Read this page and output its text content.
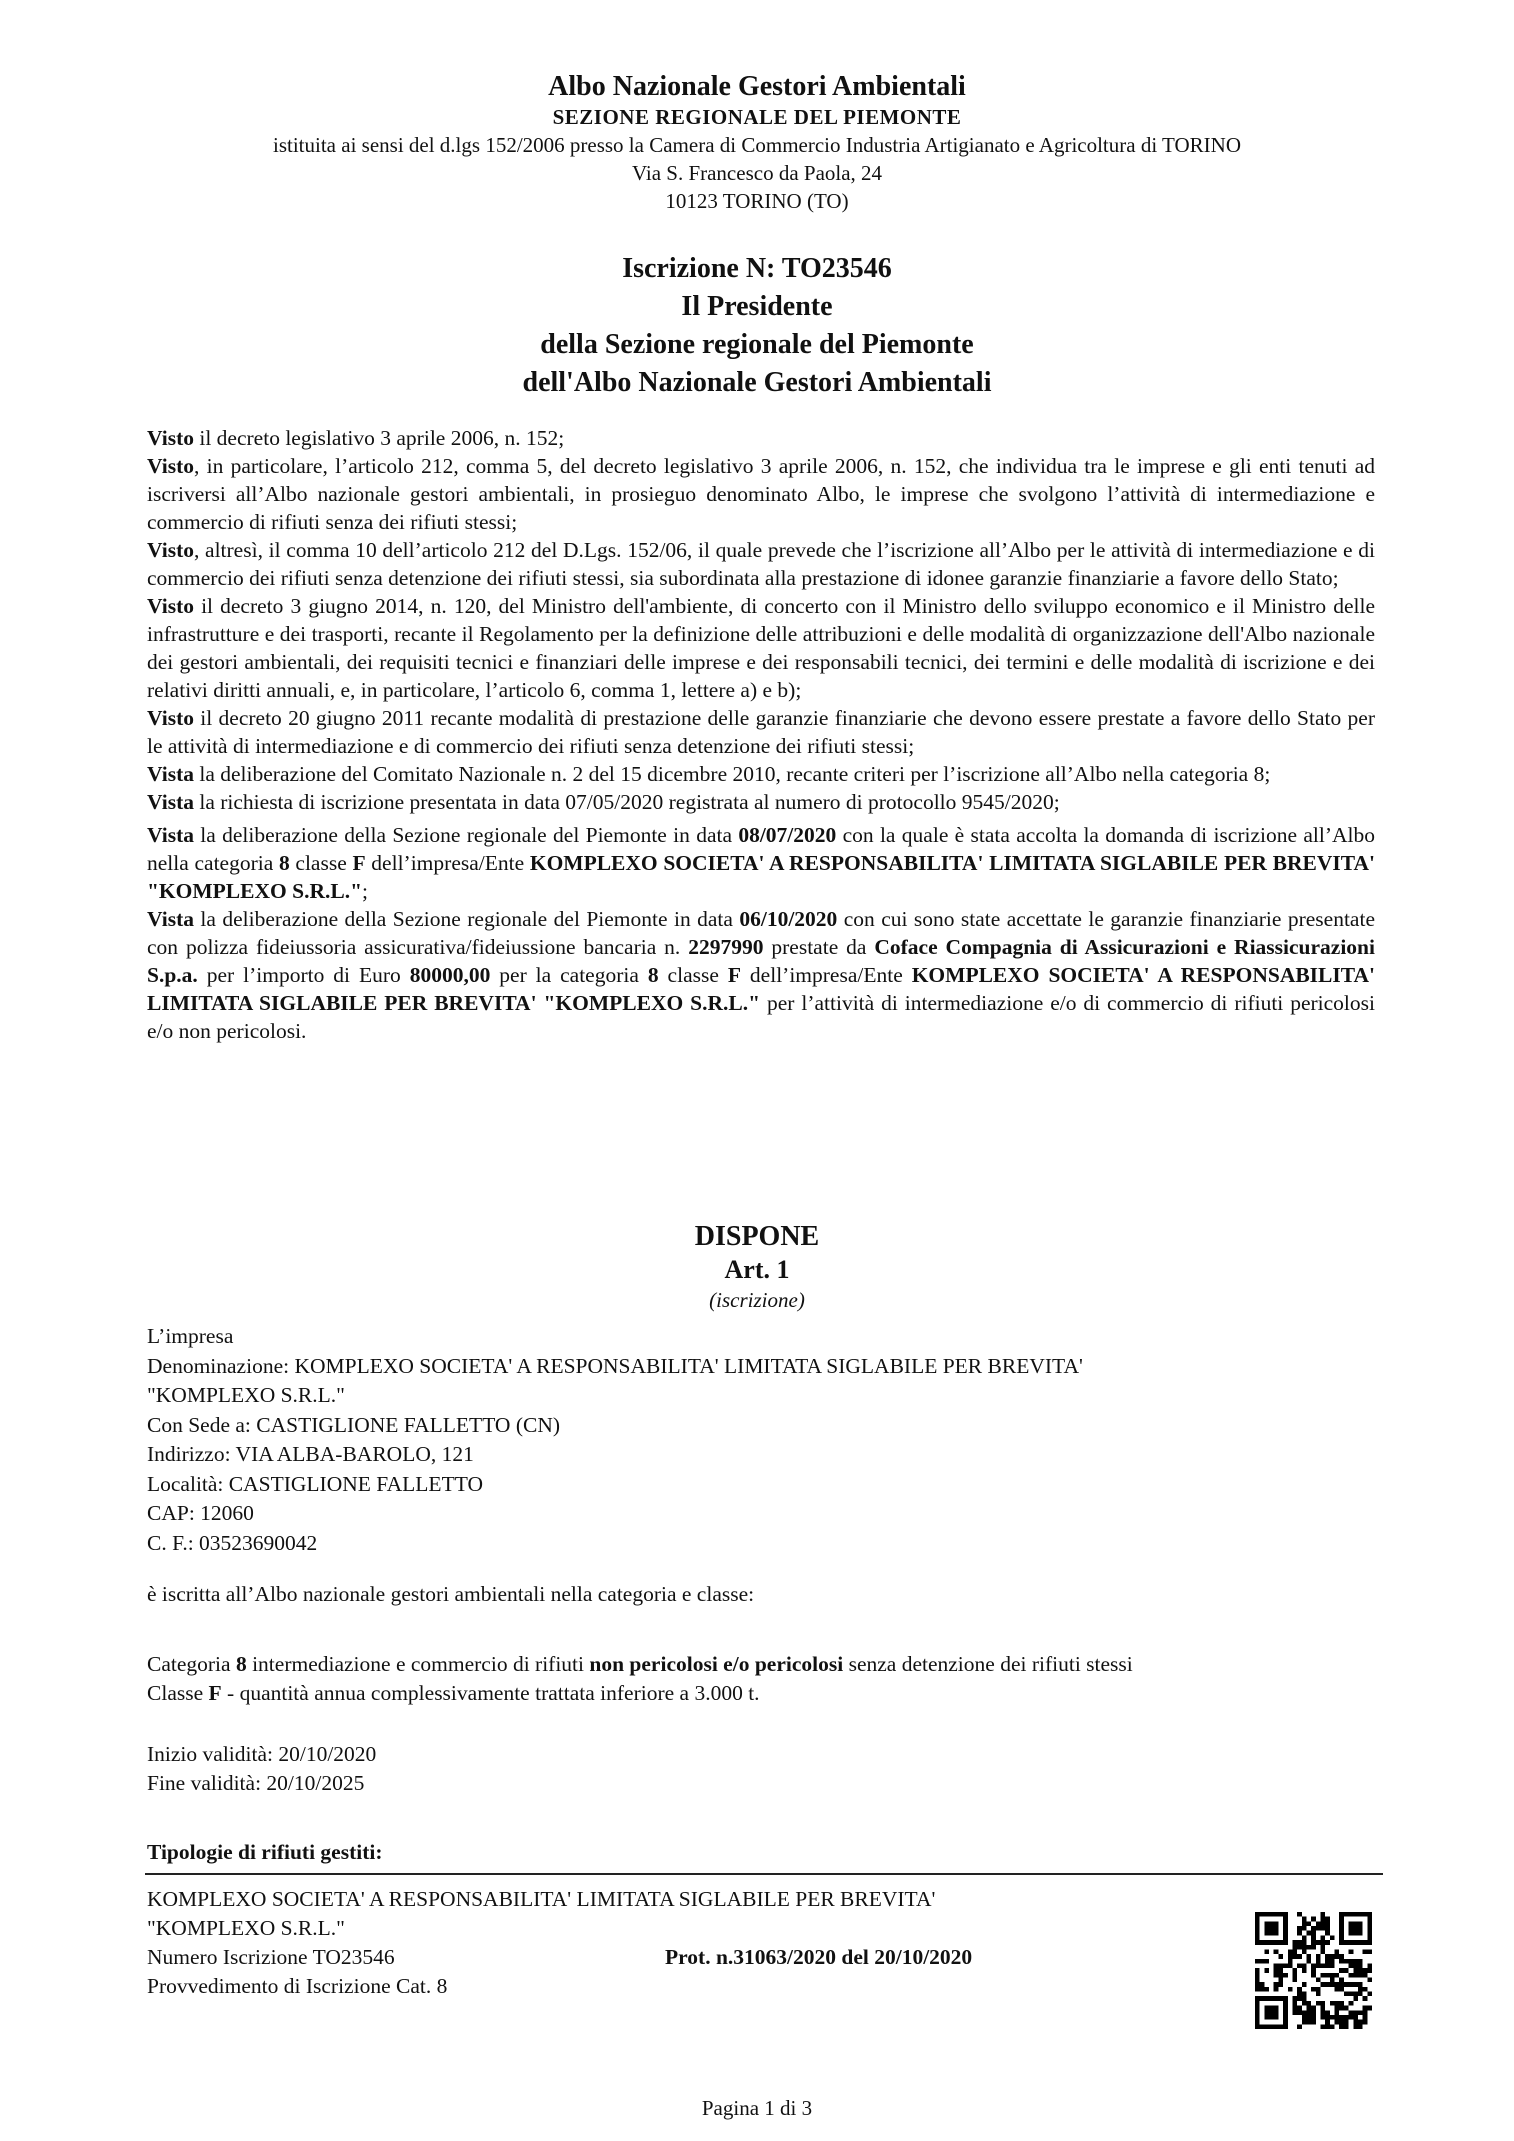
Albo Nazionale Gestori Ambientali
SEZIONE REGIONALE DEL PIEMONTE
istituita ai sensi del d.lgs 152/2006 presso la Camera di Commercio Industria Artigianato e Agricoltura di TORINO
Via S. Francesco da Paola, 24
10123 TORINO (TO)
Iscrizione N: TO23546
Il Presidente
della Sezione regionale del Piemonte
dell'Albo Nazionale Gestori Ambientali

Visto il decreto legislativo 3 aprile 2006, n. 152;

Visto, in particolare, l’articolo 212, comma 5, del decreto legislativo 3 aprile 2006, n. 152, che individua tra le imprese e gli enti tenuti ad iscriversi all’Albo nazionale gestori ambientali, in prosieguo denominato Albo, le imprese che svolgono l’attività di intermediazione e commercio di rifiuti senza dei rifiuti stessi;

Visto, altresì, il comma 10 dell’articolo 212 del D.Lgs. 152/06, il quale prevede che l’iscrizione all’Albo per le attività di intermediazione e di commercio dei rifiuti senza detenzione dei rifiuti stessi, sia subordinata alla prestazione di idonee garanzie finanziarie a favore dello Stato;

Visto il decreto 3 giugno 2014, n. 120, del Ministro dell'ambiente, di concerto con il Ministro dello sviluppo economico e il Ministro delle infrastrutture e dei trasporti, recante il Regolamento per la definizione delle attribuzioni e delle modalità di organizzazione dell'Albo nazionale dei gestori ambientali, dei requisiti tecnici e finanziari delle imprese e dei responsabili tecnici, dei termini e delle modalità di iscrizione e dei relativi diritti annuali, e, in particolare, l’articolo 6, comma 1, lettere a) e b);

Visto il decreto 20 giugno 2011 recante modalità di prestazione delle garanzie finanziarie che devono essere prestate a favore dello Stato per le attività di intermediazione e di commercio dei rifiuti senza detenzione dei rifiuti stessi;

Vista la deliberazione del Comitato Nazionale n. 2 del 15 dicembre 2010, recante criteri per l’iscrizione all’Albo nella categoria 8;

Vista la richiesta di iscrizione presentata in data 07/05/2020 registrata al numero di protocollo 9545/2020;

Vista la deliberazione della Sezione regionale del Piemonte in data 08/07/2020 con la quale è stata accolta la domanda di iscrizione all’Albo nella categoria 8 classe F dell’impresa/Ente KOMPLEXO SOCIETA' A RESPONSABILITA' LIMITATA SIGLABILE PER BREVITA' "KOMPLEXO S.R.L.";

Vista la deliberazione della Sezione regionale del Piemonte in data 06/10/2020 con cui sono state accettate le garanzie finanziarie presentate con polizza fideiussoria assicurativa/fideiussione bancaria n. 2297990 prestate da Coface Compagnia di Assicurazioni e Riassicurazioni S.p.a. per l’importo di Euro 80000,00 per la categoria 8 classe F dell’impresa/Ente KOMPLEXO SOCIETA' A RESPONSABILITA' LIMITATA SIGLABILE PER BREVITA' "KOMPLEXO S.R.L." per l’attività di intermediazione e/o di commercio di rifiuti pericolosi e/o non pericolosi.

DISPONE
Art. 1
(iscrizione)
L’impresa
Denominazione: KOMPLEXO SOCIETA' A RESPONSABILITA' LIMITATA SIGLABILE PER BREVITA'
"KOMPLEXO S.R.L."
Con Sede a: CASTIGLIONE FALLETTO (CN)
Indirizzo: VIA ALBA-BAROLO, 121
Località: CASTIGLIONE FALLETTO
CAP: 12060
C. F.: 03523690042
è iscritta all’Albo nazionale gestori ambientali nella categoria e classe:
Categoria 8 intermediazione e commercio di rifiuti non pericolosi e/o pericolosi senza detenzione dei rifiuti stessi
Classe F - quantità annua complessivamente trattata inferiore a 3.000 t.
Inizio validità: 20/10/2020
Fine validità: 20/10/2025
Tipologie di rifiuti gestiti:
KOMPLEXO SOCIETA' A RESPONSABILITA' LIMITATA SIGLABILE PER BREVITA'
"KOMPLEXO S.R.L."
Numero Iscrizione TO23546
Provvedimento di Iscrizione Cat. 8
Prot. n.31063/2020 del 20/10/2020
Pagina 1 di 3
